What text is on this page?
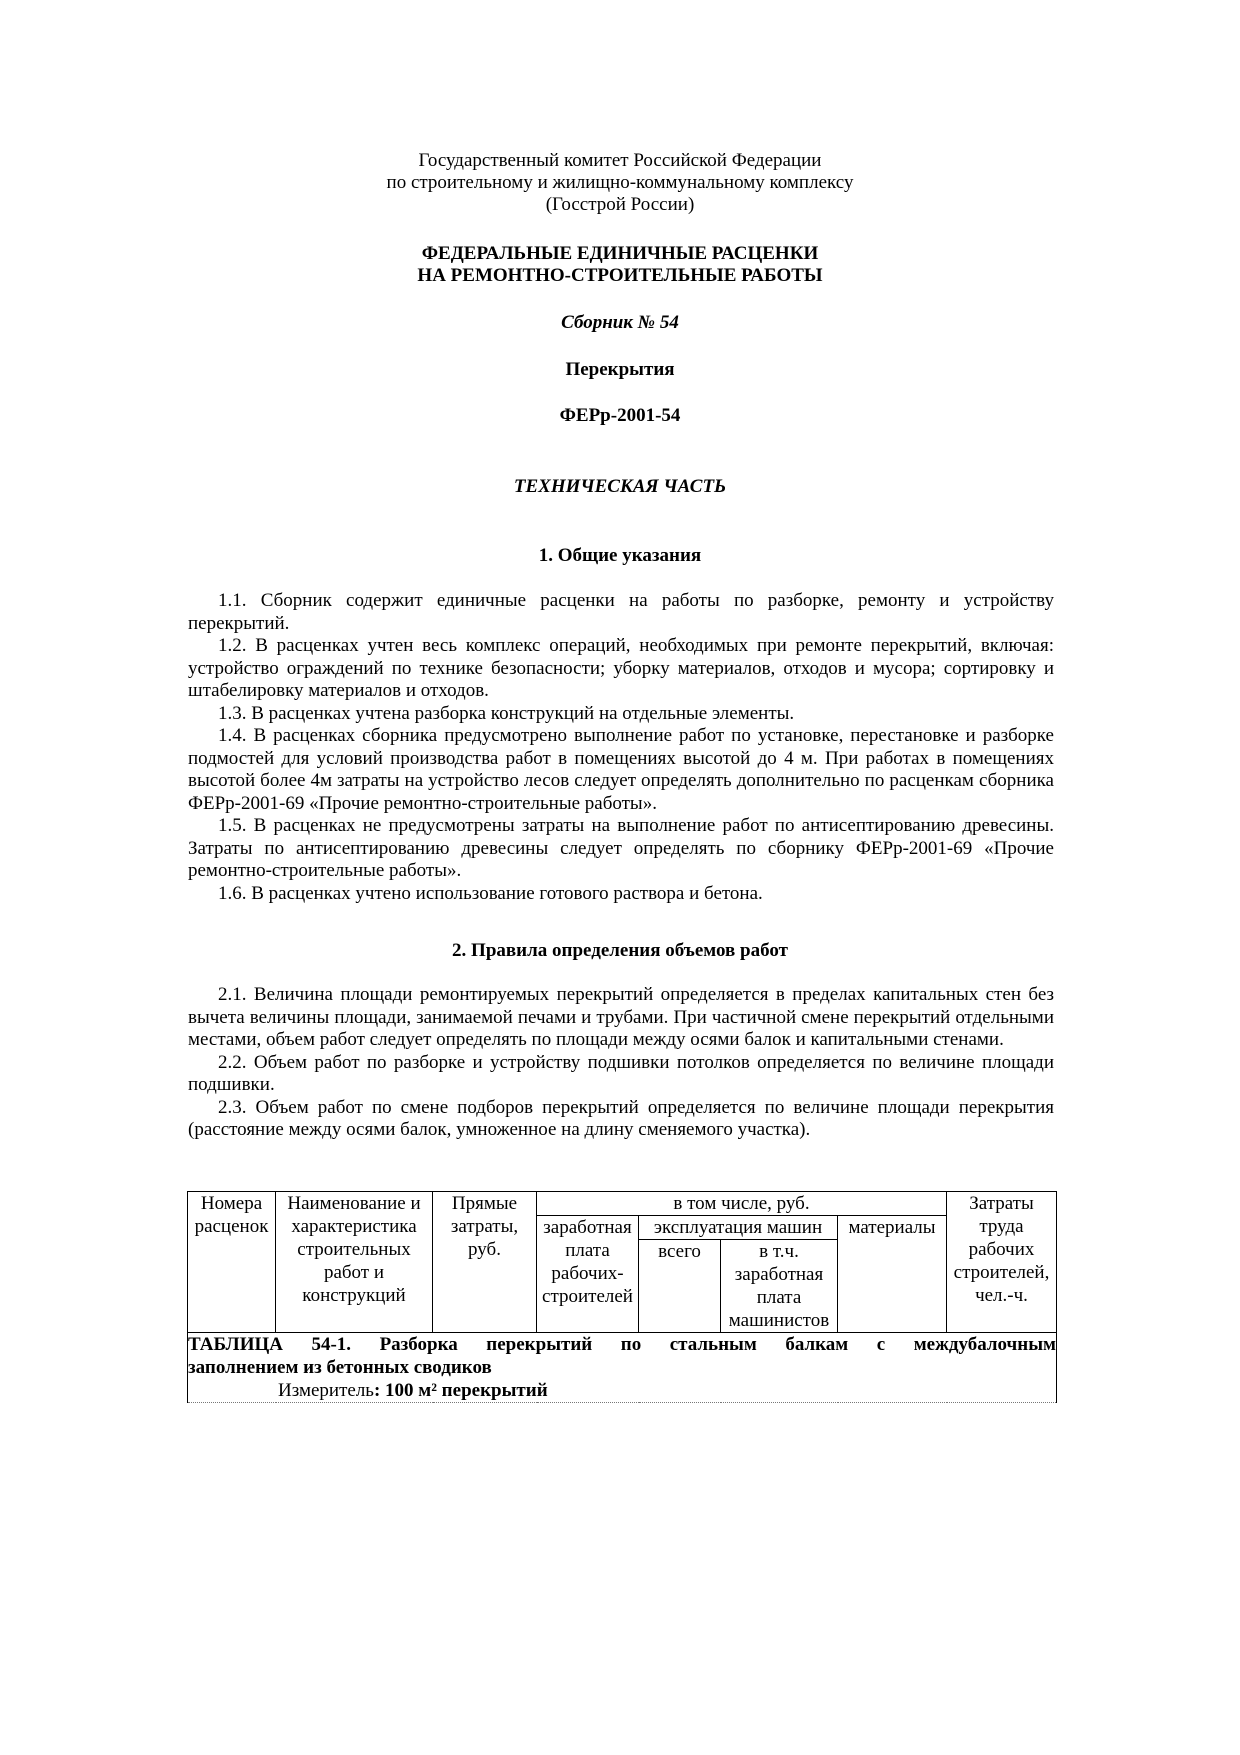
Государственный комитет Российской Федерации
по строительному и жилищно-коммунальному комплексу
(Госстрой России)
ФЕДЕРАЛЬНЫЕ ЕДИНИЧНЫЕ РАСЦЕНКИ
НА РЕМОНТНО-СТРОИТЕЛЬНЫЕ РАБОТЫ
Сборник № 54
Перекрытия
ФЕРр-2001-54
ТЕХНИЧЕСКАЯ ЧАСТЬ
1. Общие указания

1.1. Сборник содержит единичные расценки на работы по разборке, ремонту и устройству перекрытий.

1.2. В расценках учтен весь комплекс операций, необходимых при ремонте перекрытий, включая: устройство ограждений по технике безопасности; уборку материалов, отходов и мусора; сортировку и штабелировку материалов и отходов.

1.3. В расценках учтена разборка конструкций на отдельные элементы.

1.4. В расценках сборника предусмотрено выполнение работ по установке, перестановке и разборке подмостей для условий производства работ в помещениях высотой до 4 м. При работах в помещениях высотой более 4м затраты на устройство лесов следует определять дополнительно по расценкам сборника ФЕРр-2001-69 «Прочие ремонтно-строительные работы».

1.5. В расценках не предусмотрены затраты на выполнение работ по антисептированию древесины. Затраты по антисептированию древесины следует определять по сборнику ФЕРр-2001-69 «Прочие ремонтно-строительные работы».

1.6. В расценках учтено использование готового раствора и бетона.

2. Правила определения объемов работ

2.1. Величина площади ремонтируемых перекрытий определяется в пределах капитальных стен без вычета величины площади, занимаемой печами и трубами. При частичной смене перекрытий отдельными местами, объем работ следует определять по площади между осями балок и капитальными стенами.

2.2. Объем работ по разборке и устройству подшивки потолков определяется по величине площади подшивки.

2.3. Объем работ по смене подборов перекрытий определяется по величине площади перекрытия (расстояние между осями балок, умноженное на длину сменяемого участка).

Номера расценок	Наименование и характеристика строительных работ и конструкций	Прямые затраты, руб.	в том числе, руб.				Затраты труда рабочих строителей, чел.-ч.
			заработная плата рабочих-строителей	эксплуатация машин		материалы	
				всего	в т.ч. заработная плата машинистов		

ТАБЛИЦА 54-1. Разборка перекрытий по стальным балкам с междубалочным
заполнением из бетонных сводиков
Измеритель: 100 м² перекрытий							
